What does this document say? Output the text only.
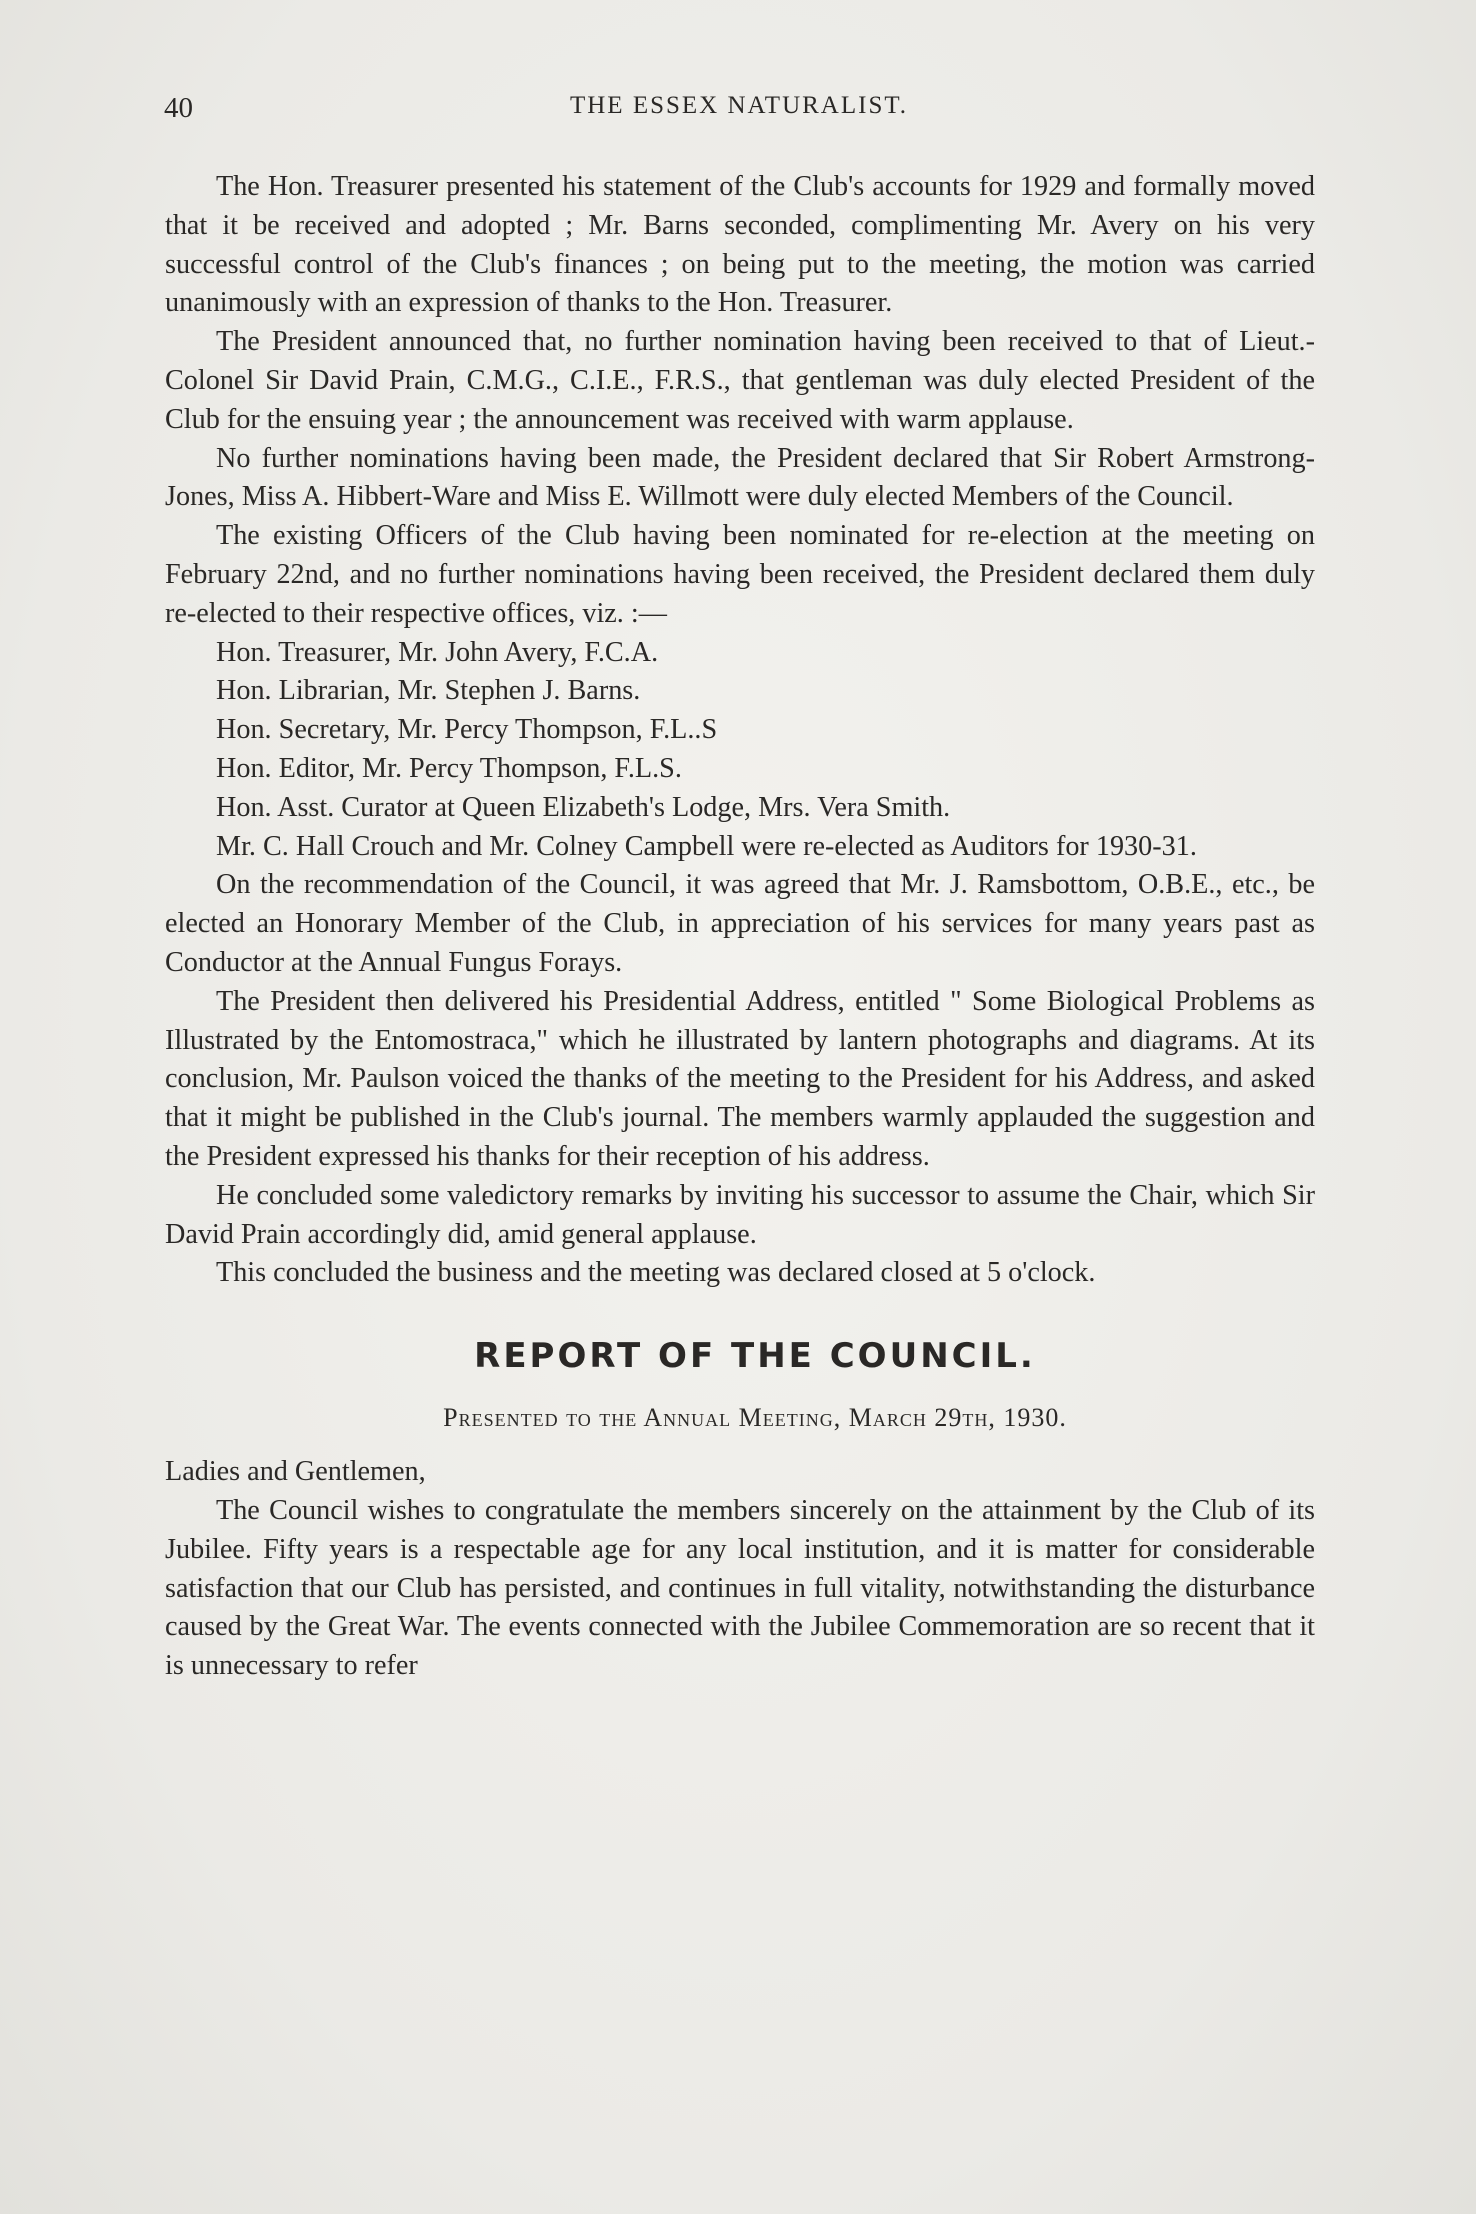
40	THE ESSEX NATURALIST.

The Hon. Treasurer presented his statement of the Club's accounts for 1929 and formally moved that it be received and adopted ; Mr. Barns seconded, complimenting Mr. Avery on his very successful control of the Club's finances ; on being put to the meeting, the motion was carried unanimously with an expression of thanks to the Hon. Treasurer.

The President announced that, no further nomination having been received to that of Lieut.-Colonel Sir David Prain, C.M.G., C.I.E., F.R.S., that gentleman was duly elected President of the Club for the ensuing year ; the announcement was received with warm applause.

No further nominations having been made, the President declared that Sir Robert Armstrong-Jones, Miss A. Hibbert-Ware and Miss E. Willmott were duly elected Members of the Council.

The existing Officers of the Club having been nominated for re-election at the meeting on February 22nd, and no further nominations having been received, the President declared them duly re-elected to their respective offices, viz. :—

Hon. Treasurer, Mr. John Avery, F.C.A.

Hon. Librarian, Mr. Stephen J. Barns.

Hon. Secretary, Mr. Percy Thompson, F.L..S

Hon. Editor, Mr. Percy Thompson, F.L.S.

Hon. Asst. Curator at Queen Elizabeth's Lodge, Mrs. Vera Smith.

Mr. C. Hall Crouch and Mr. Colney Campbell were re-elected as Auditors for 1930-31.

On the recommendation of the Council, it was agreed that Mr. J. Ramsbottom, O.B.E., etc., be elected an Honorary Member of the Club, in appreciation of his services for many years past as Conductor at the Annual Fungus Forays.

The President then delivered his Presidential Address, entitled " Some Biological Problems as Illustrated by the Entomostraca," which he illustrated by lantern photographs and diagrams. At its conclusion, Mr. Paulson voiced the thanks of the meeting to the President for his Address, and asked that it might be published in the Club's journal. The members warmly applauded the suggestion and the President expressed his thanks for their reception of his address.

He concluded some valedictory remarks by inviting his successor to assume the Chair, which Sir David Prain accordingly did, amid general applause.

This concluded the business and the meeting was declared closed at 5 o'clock.

REPORT OF THE COUNCIL.

Presented to the Annual Meeting, March 29th, 1930.

Ladies and Gentlemen,

The Council wishes to congratulate the members sincerely on the attainment by the Club of its Jubilee. Fifty years is a respectable age for any local institution, and it is matter for considerable satisfaction that our Club has persisted, and continues in full vitality, notwithstanding the disturbance caused by the Great War. The events connected with the Jubilee Commemoration are so recent that it is unnecessary to refer
